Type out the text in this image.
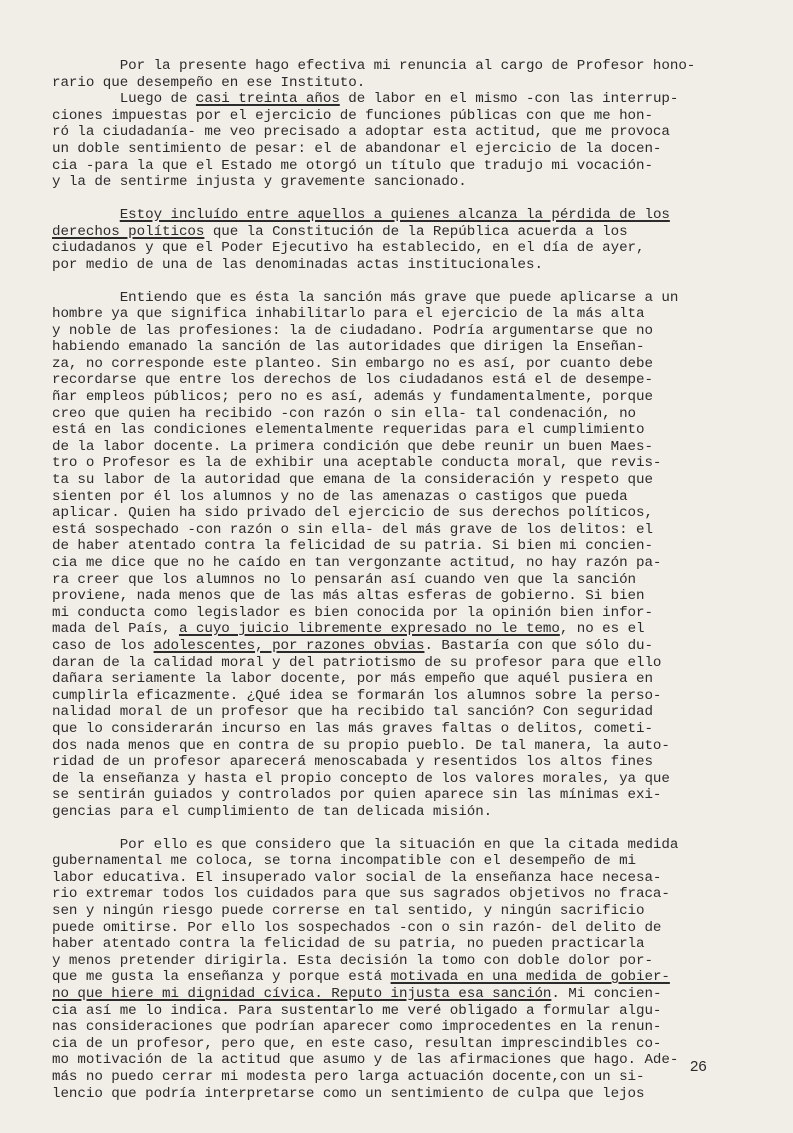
Por la presente hago efectiva mi renuncia al cargo de Profesor hono-
rario que desempeño en ese Instituto.
Luego de casi treinta años de labor en el mismo -con las interrup-
ciones impuestas por el ejercicio de funciones públicas con que me hon-
ró la ciudadanía- me veo precisado a adoptar esta actitud, que me provoca
un doble sentimiento de pesar: el de abandonar el ejercicio de la docen-
cia -para la que el Estado me otorgó un título que tradujo mi vocación-
y la de sentirme injusta y gravemente sancionado.
Estoy incluído entre aquellos a quienes alcanza la pérdida de los
derechos políticos que la Constitución de la República acuerda a los
ciudadanos y que el Poder Ejecutivo ha establecido, en el día de ayer,
por medio de una de las denominadas actas institucionales.
Entiendo que es ésta la sanción más grave que puede aplicarse a un
hombre ya que significa inhabilitarlo para el ejercicio de la más alta
y noble de las profesiones: la de ciudadano. Podría argumentarse que no
habiendo emanado la sanción de las autoridades que dirigen la Enseñan-
za, no corresponde este planteo. Sin embargo no es así, por cuanto debe
recordarse que entre los derechos de los ciudadanos está el de desempe-
ñar empleos públicos; pero no es así, además y fundamentalmente, porque
creo que quien ha recibido -con razón o sin ella- tal condenación, no
está en las condiciones elementalmente requeridas para el cumplimiento
de la labor docente. La primera condición que debe reunir un buen Maes-
tro o Profesor es la de exhibir una aceptable conducta moral, que revis-
ta su labor de la autoridad que emana de la consideración y respeto que
sienten por él los alumnos y no de las amenazas o castigos que pueda
aplicar. Quien ha sido privado del ejercicio de sus derechos políticos,
está sospechado -con razón o sin ella- del más grave de los delitos: el
de haber atentado contra la felicidad de su patria. Si bien mi concien-
cia me dice que no he caído en tan vergonzante actitud, no hay razón pa-
ra creer que los alumnos no lo pensarán así cuando ven que la sanción
proviene, nada menos que de las más altas esferas de gobierno. Si bien
mi conducta como legislador es bien conocida por la opinión bien infor-
mada del País, a cuyo juicio libremente expresado no le temo, no es el
caso de los adolescentes, por razones obvias. Bastaría con que sólo du-
daran de la calidad moral y del patriotismo de su profesor para que ello
dañara seriamente la labor docente, por más empeño que aquél pusiera en
cumplirla eficazmente. ¿Qué idea se formarán los alumnos sobre la perso-
nalidad moral de un profesor que ha recibido tal sanción? Con seguridad
que lo considerarán incurso en las más graves faltas o delitos, cometi-
dos nada menos que en contra de su propio pueblo. De tal manera, la auto-
ridad de un profesor aparecerá menoscabada y resentidos los altos fines
de la enseñanza y hasta el propio concepto de los valores morales, ya que
se sentirán guiados y controlados por quien aparece sin las mínimas exi-
gencias para el cumplimiento de tan delicada misión.
Por ello es que considero que la situación en que la citada medida
gubernamental me coloca, se torna incompatible con el desempeño de mi
labor educativa. El insuperado valor social de la enseñanza hace necesa-
rio extremar todos los cuidados para que sus sagrados objetivos no fraca-
sen y ningún riesgo puede correrse en tal sentido, y ningún sacrificio
puede omitirse. Por ello los sospechados -con o sin razón- del delito de
haber atentado contra la felicidad de su patria, no pueden practicarla
y menos pretender dirigirla. Esta decisión la tomo con doble dolor por-
que me gusta la enseñanza y porque está motivada en una medida de gobier-
no que hiere mi dignidad cívica. Reputo injusta esa sanción. Mi concien-
cia así me lo indica. Para sustentarlo me veré obligado a formular algu-
nas consideraciones que podrían aparecer como improcedentes en la renun-
cia de un profesor, pero que, en este caso, resultan imprescindibles co-
mo motivación de la actitud que asumo y de las afirmaciones que hago. Ade-
más no puedo cerrar mi modesta pero larga actuación docente,con un si-
lencio que podría interpretarse como un sentimiento de culpa que lejos
26
